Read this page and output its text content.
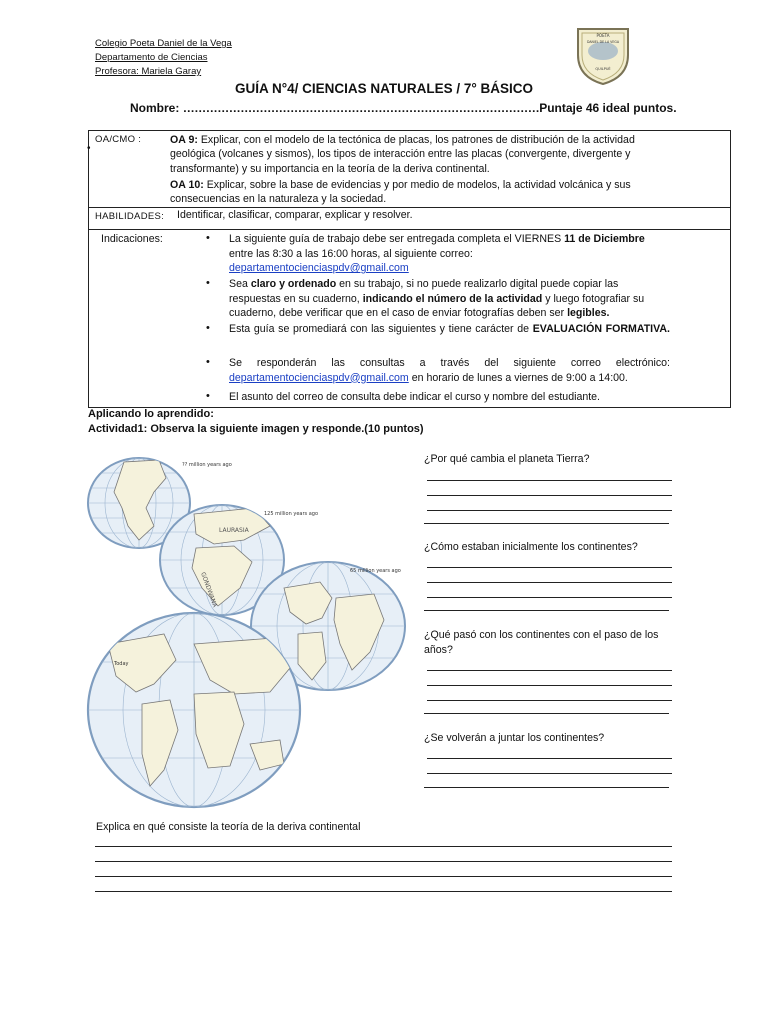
Colegio Poeta Daniel de la Vega
Departamento de Ciencias
Profesora: Mariela Garay
POETA
DANIEL DE LA VEGA
QUILPUÉ
GUÍA N°4/ CIENCIAS NATURALES / 7° BÁSICO
Nombre: …………………………………………………………………………………Puntaje 46 ideal puntos.
OA/CMO :
•
OA 9: Explicar, con el modelo de la tectónica de placas, los patrones de distribución de la actividad geológica (volcanes y sismos), los tipos de interacción entre las placas (convergente, divergente y transformante) y su importancia en la teoría de la deriva continental.
OA 10: Explicar, sobre la base de evidencias y por medio de modelos, la actividad volcánica y sus consecuencias en la naturaleza y la sociedad.
HABILIDADES: Identificar, clasificar, comparar, explicar y resolver.
Indicaciones:	• La siguiente guía de trabajo debe ser entregada completa el VIERNES 11 de Diciembre
entre las 8:30 a las 16:00 horas, al siguiente correo:
departamentocienciaspdv@gmail.com
• Sea claro y ordenado en su trabajo, si no puede realizarlo digital puede copiar las respuestas en su cuaderno, indicando el número de la actividad y luego fotografiar su cuaderno, debe verificar que en el caso de enviar fotografías deben ser legibles.
• Esta guía se promediará con las siguientes y tiene carácter de EVALUACIÓN FORMATIVA.
• Se responderán las consultas a través del siguiente correo electrónico:
departamentocienciaspdv@gmail.com en horario de lunes a viernes de 9:00 a 14:00.
• El asunto del correo de consulta debe indicar el curso y nombre del estudiante.
Aplicando lo aprendido:
Actividad1: Observa la siguiente imagen y responde.(10 puntos)
?? million years ago
125 million years ago
LAURASIA
GONDWANA
65 million years ago
Today
¿Por qué cambia el planeta Tierra?
¿Cómo estaban inicialmente los continentes?
¿Qué pasó con los continentes con el paso de los años?
¿Se volverán a juntar los continentes?
Explica en qué consiste la teoría de la deriva continental
